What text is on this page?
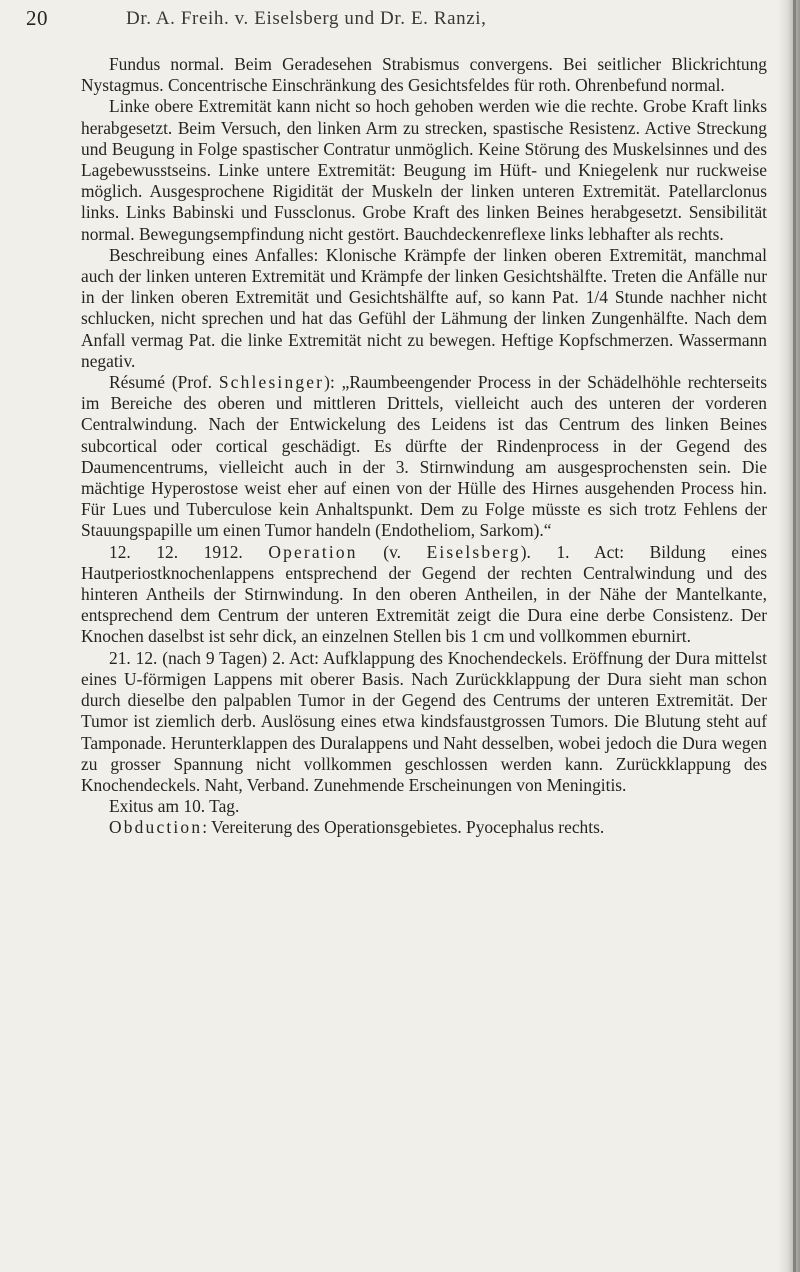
20	Dr. A. Freih. v. Eiselsberg und Dr. E. Ranzi,

Fundus normal. Beim Geradesehen Strabismus convergens. Bei seitlicher Blickrichtung Nystagmus. Concentrische Einschränkung des Gesichtsfeldes für roth. Ohrenbefund normal.

Linke obere Extremität kann nicht so hoch gehoben werden wie die rechte. Grobe Kraft links herabgesetzt. Beim Versuch, den linken Arm zu strecken, spastische Resistenz. Active Streckung und Beugung in Folge spastischer Contratur unmöglich. Keine Störung des Muskelsinnes und des Lagebewusstseins. Linke untere Extremität: Beugung im Hüft- und Kniegelenk nur ruckweise möglich. Ausgesprochene Rigidität der Muskeln der linken unteren Extremität. Patellarclonus links. Links Babinski und Fussclonus. Grobe Kraft des linken Beines herabgesetzt. Sensibilität normal. Bewegungsempfindung nicht gestört. Bauchdeckenreflexe links lebhafter als rechts.

Beschreibung eines Anfalles: Klonische Krämpfe der linken oberen Extremität, manchmal auch der linken unteren Extremität und Krämpfe der linken Gesichtshälfte. Treten die Anfälle nur in der linken oberen Extremität und Gesichtshälfte auf, so kann Pat. 1/4 Stunde nachher nicht schlucken, nicht sprechen und hat das Gefühl der Lähmung der linken Zungenhälfte. Nach dem Anfall vermag Pat. die linke Extremität nicht zu bewegen. Heftige Kopfschmerzen. Wassermann negativ.

Résumé (Prof. Schlesinger): „Raumbeengender Process in der Schädelhöhle rechterseits im Bereiche des oberen und mittleren Drittels, vielleicht auch des unteren der vorderen Centralwindung. Nach der Entwickelung des Leidens ist das Centrum des linken Beines subcortical oder cortical geschädigt. Es dürfte der Rindenprocess in der Gegend des Daumencentrums, vielleicht auch in der 3. Stirnwindung am ausgesprochensten sein. Die mächtige Hyperostose weist eher auf einen von der Hülle des Hirnes ausgehenden Process hin. Für Lues und Tuberculose kein Anhaltspunkt. Dem zu Folge müsste es sich trotz Fehlens der Stauungspapille um einen Tumor handeln (Endotheliom, Sarkom).“

12. 12. 1912. Operation (v. Eiselsberg). 1. Act: Bildung eines Hautperiostknochenlappens entsprechend der Gegend der rechten Centralwindung und des hinteren Antheils der Stirnwindung. In den oberen Antheilen, in der Nähe der Mantelkante, entsprechend dem Centrum der unteren Extremität zeigt die Dura eine derbe Consistenz. Der Knochen daselbst ist sehr dick, an einzelnen Stellen bis 1 cm und vollkommen eburnirt.

21. 12. (nach 9 Tagen) 2. Act: Aufklappung des Knochendeckels. Eröffnung der Dura mittelst eines U-förmigen Lappens mit oberer Basis. Nach Zurückklappung der Dura sieht man schon durch dieselbe den palpablen Tumor in der Gegend des Centrums der unteren Extremität. Der Tumor ist ziemlich derb. Auslösung eines etwa kindsfaustgrossen Tumors. Die Blutung steht auf Tamponade. Herunterklappen des Duralappens und Naht desselben, wobei jedoch die Dura wegen zu grosser Spannung nicht vollkommen geschlossen werden kann. Zurückklappung des Knochendeckels. Naht, Verband. Zunehmende Erscheinungen von Meningitis.

Exitus am 10. Tag.

Obduction: Vereiterung des Operationsgebietes. Pyocephalus rechts.
